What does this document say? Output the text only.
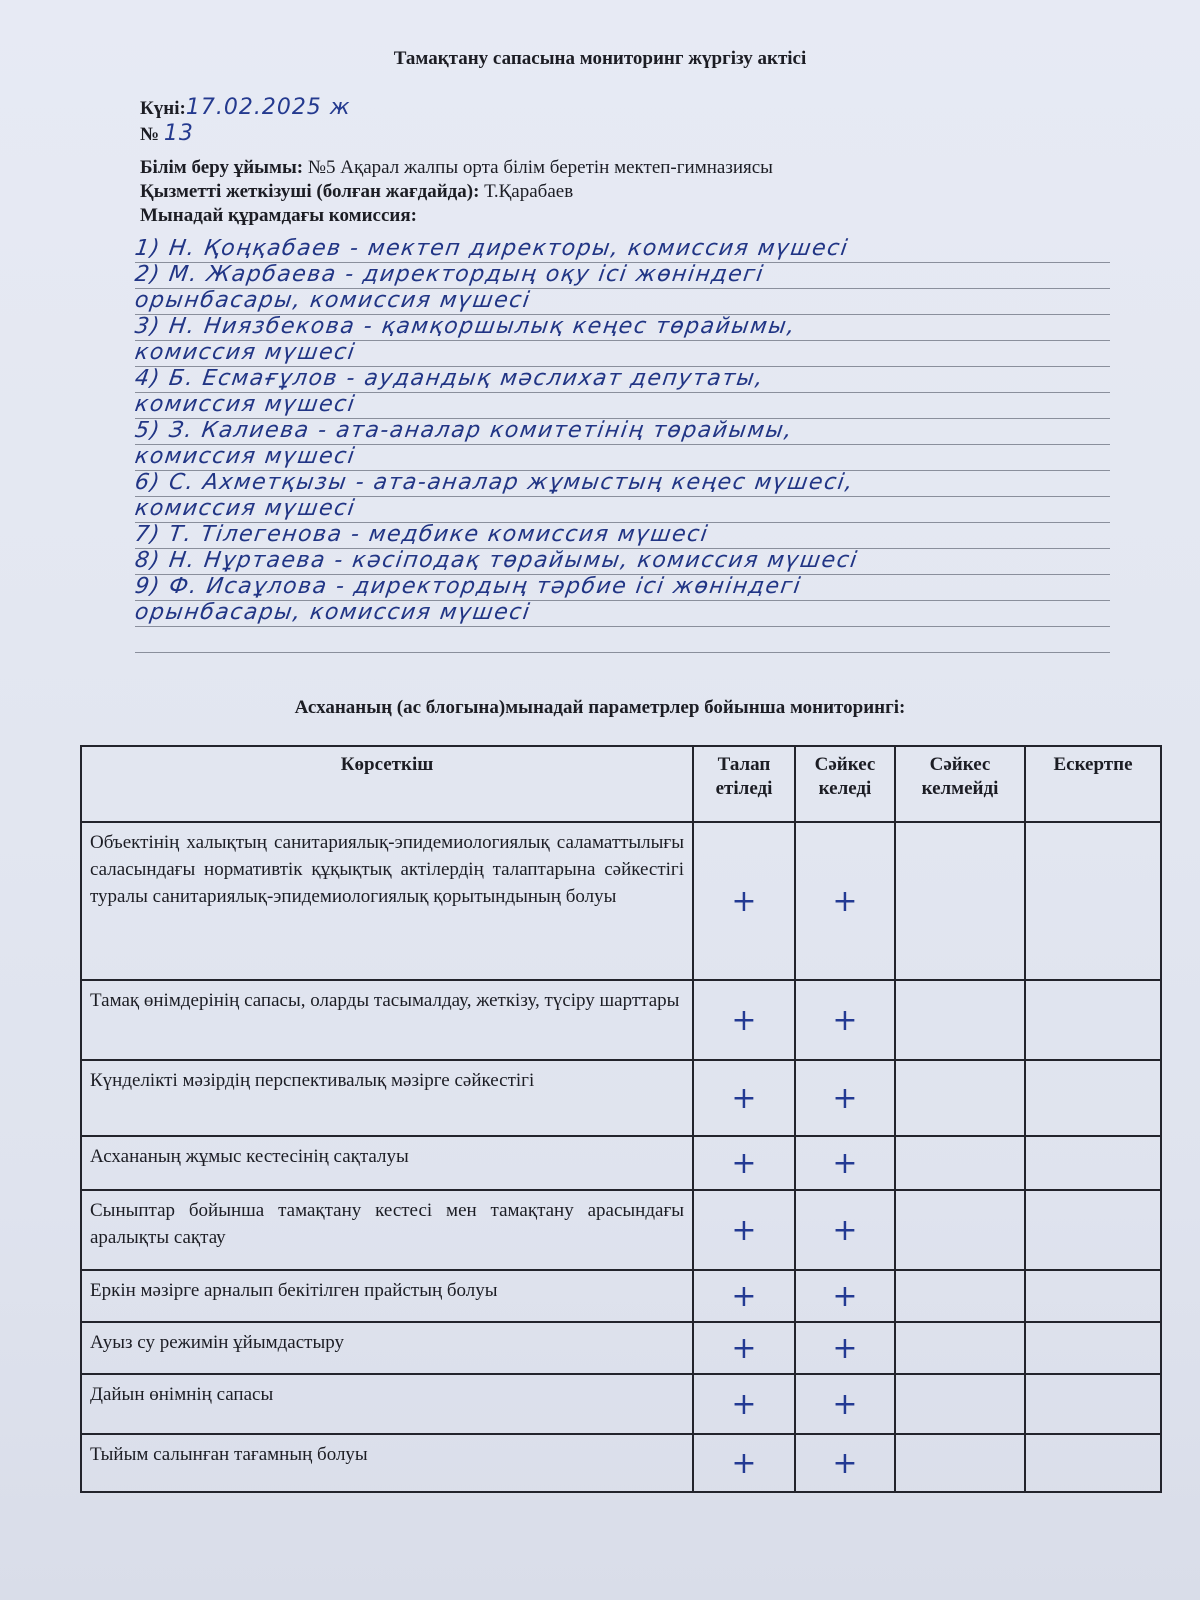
Тамақтану сапасына мониторинг жүргізу актісі
Күні:17.02.2025 ж
№ 13
Білім беру ұйымы: №5 Ақарал жалпы орта білім беретін мектеп-гимназиясы
Қызметті жеткізуші (болған жағдайда): Т.Қарабаев
Мынадай құрамдағы комиссия:
1) Н. Қоңқабаев - мектеп директоры, комиссия мүшесі
2) М. Жарбаева - директордың оқу ісі жөніндегі
орынбасары, комиссия мүшесі
3) Н. Ниязбекова - қамқоршылық кеңес төрайымы,
комиссия мүшесі
4) Б. Есмағұлов - аудандық мәслихат депутаты,
комиссия мүшесі
5) З. Калиева - ата-аналар комитетінің төрайымы,
комиссия мүшесі
6) С. Ахметқызы - ата-аналар жұмыстың кеңес мүшесі,
комиссия мүшесі
7) Т. Тілегенова - медбике комиссия мүшесі
8) Н. Нұртаева - кәсіподақ төрайымы, комиссия мүшесі
9) Ф. Исаұлова - директордың тәрбие ісі жөніндегі
орынбасары, комиссия мүшесі
Асхананың (ас блогына)мынадай параметрлер бойынша мониторингі:
Көрсеткіш	Талап етіледі	Сәйкес келеді	Сәйкес келмейді	Ескертпе
Объектінің халықтың санитариялық-эпидемиологиялық саламаттылығы саласындағы нормативтік құқықтық актілердің талаптарына сәйкестігі туралы санитариялық-эпидемиологиялық қорытындының болуы	+	+		
Тамақ өнімдерінің сапасы, оларды тасымалдау, жеткізу, түсіру шарттары	+	+		
Күнделікті мәзірдің перспективалық мәзірге сәйкестігі	+	+		
Асхананың жұмыс кестесінің сақталуы	+	+		
Сыныптар бойынша тамақтану кестесі мен тамақтану арасындағы аралықты сақтау	+	+		
Еркін мәзірге арналып бекітілген прайстың болуы	+	+		
Ауыз су режимін ұйымдастыру	+	+		
Дайын өнімнің сапасы	+	+		
Тыйым салынған тағамның болуы	+	+		
